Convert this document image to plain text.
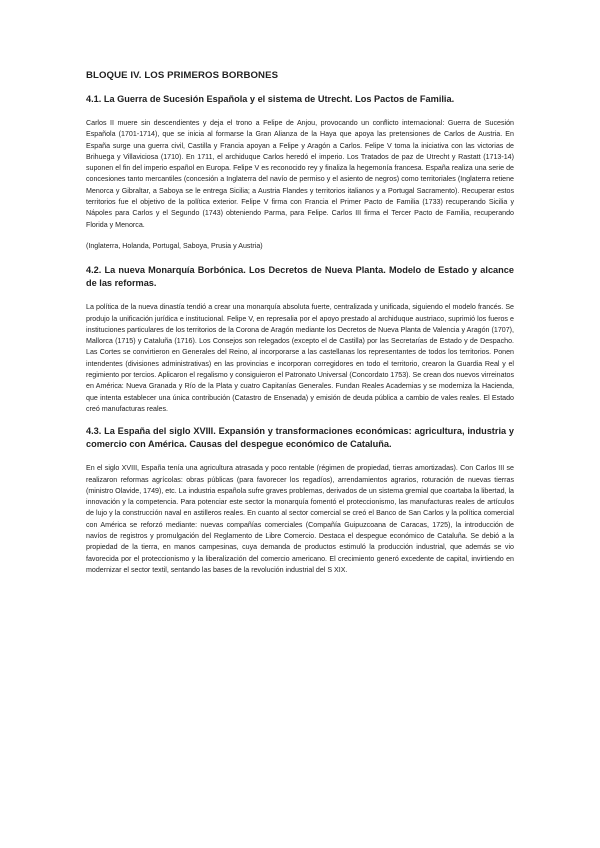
BLOQUE IV. LOS PRIMEROS BORBONES
4.1. La Guerra de Sucesión Española y el sistema de Utrecht. Los Pactos de Familia.

Carlos II muere sin descendientes y deja el trono a Felipe de Anjou, provocando un conflicto internacional: Guerra de Sucesión Española (1701-1714), que se inicia al formarse la Gran Alianza de la Haya que apoya las pretensiones de Carlos de Austria. En España surge una guerra civil, Castilla y Francia apoyan a Felipe y Aragón a Carlos. Felipe V toma la iniciativa con las victorias de Brihuega y Villaviciosa (1710). En 1711, el archiduque Carlos heredó el imperio. Los Tratados de paz de Utrecht y Rastatt (1713-14) suponen el fin del imperio español en Europa. Felipe V es reconocido rey y finaliza la hegemonía francesa. España realiza una serie de concesiones tanto mercantiles (concesión a Inglaterra del navío de permiso y el asiento de negros) como territoriales (Inglaterra retiene Menorca y Gibraltar, a Saboya se le entrega Sicilia; a Austria Flandes y territorios italianos y a Portugal Sacramento). Recuperar estos territorios fue el objetivo de la política exterior. Felipe V firma con Francia el Primer Pacto de Familia (1733) recuperando Sicilia y Nápoles para Carlos y el Segundo (1743) obteniendo Parma, para Felipe. Carlos III firma el Tercer Pacto de Familia, recuperando Florida y Menorca.

(Inglaterra, Holanda, Portugal, Saboya, Prusia y Austria)

4.2. La nueva Monarquía Borbónica. Los Decretos de Nueva Planta. Modelo de Estado y alcance de las reformas.

La política de la nueva dinastía tendió a crear una monarquía absoluta fuerte, centralizada y unificada, siguiendo el modelo francés. Se produjo la unificación jurídica e institucional. Felipe V, en represalia por el apoyo prestado al archiduque austriaco, suprimió los fueros e instituciones particulares de los territorios de la Corona de Aragón mediante los Decretos de Nueva Planta de Valencia y Aragón (1707), Mallorca (1715) y Cataluña (1716). Los Consejos son relegados (excepto el de Castilla) por las Secretarías de Estado y de Despacho. Las Cortes se convirtieron en Generales del Reino, al incorporarse a las castellanas los representantes de todos los territorios. Ponen intendentes (divisiones administrativas) en las provincias e incorporan corregidores en todo el territorio, crearon la Guardia Real y el regimiento por tercios. Aplicaron el regalismo y consiguieron el Patronato Universal (Concordato 1753). Se crean dos nuevos virreinatos en América: Nueva Granada y Río de la Plata y cuatro Capitanías Generales. Fundan Reales Academias y se moderniza la Hacienda, que intenta establecer una única contribución (Catastro de Ensenada) y emisión de deuda pública a cambio de vales reales. El Estado creó manufacturas reales.

4.3. La España del siglo XVIII. Expansión y transformaciones económicas: agricultura, industria y comercio con América. Causas del despegue económico de Cataluña.

En el siglo XVIII, España tenía una agricultura atrasada y poco rentable (régimen de propiedad, tierras amortizadas). Con Carlos III se realizaron reformas agrícolas: obras públicas (para favorecer los regadíos), arrendamientos agrarios, roturación de nuevas tierras (ministro Olavide, 1749), etc. La industria española sufre graves problemas, derivados de un sistema gremial que coartaba la libertad, la innovación y la competencia. Para potenciar este sector la monarquía fomentó el proteccionismo, las manufacturas reales de artículos de lujo y la construcción naval en astilleros reales. En cuanto al sector comercial se creó el Banco de San Carlos y la política comercial con América se reforzó mediante: nuevas compañías comerciales (Compañía Guipuzcoana de Caracas, 1725), la introducción de navíos de registros y promulgación del Reglamento de Libre Comercio. Destaca el despegue económico de Cataluña. Se debió a la propiedad de la tierra, en manos campesinas, cuya demanda de productos estimuló la producción industrial, que además se vio favorecida por el proteccionismo y la liberalización del comercio americano. El crecimiento generó excedente de capital, invirtiendo en modernizar el sector textil, sentando las bases de la revolución industrial del S XIX.
